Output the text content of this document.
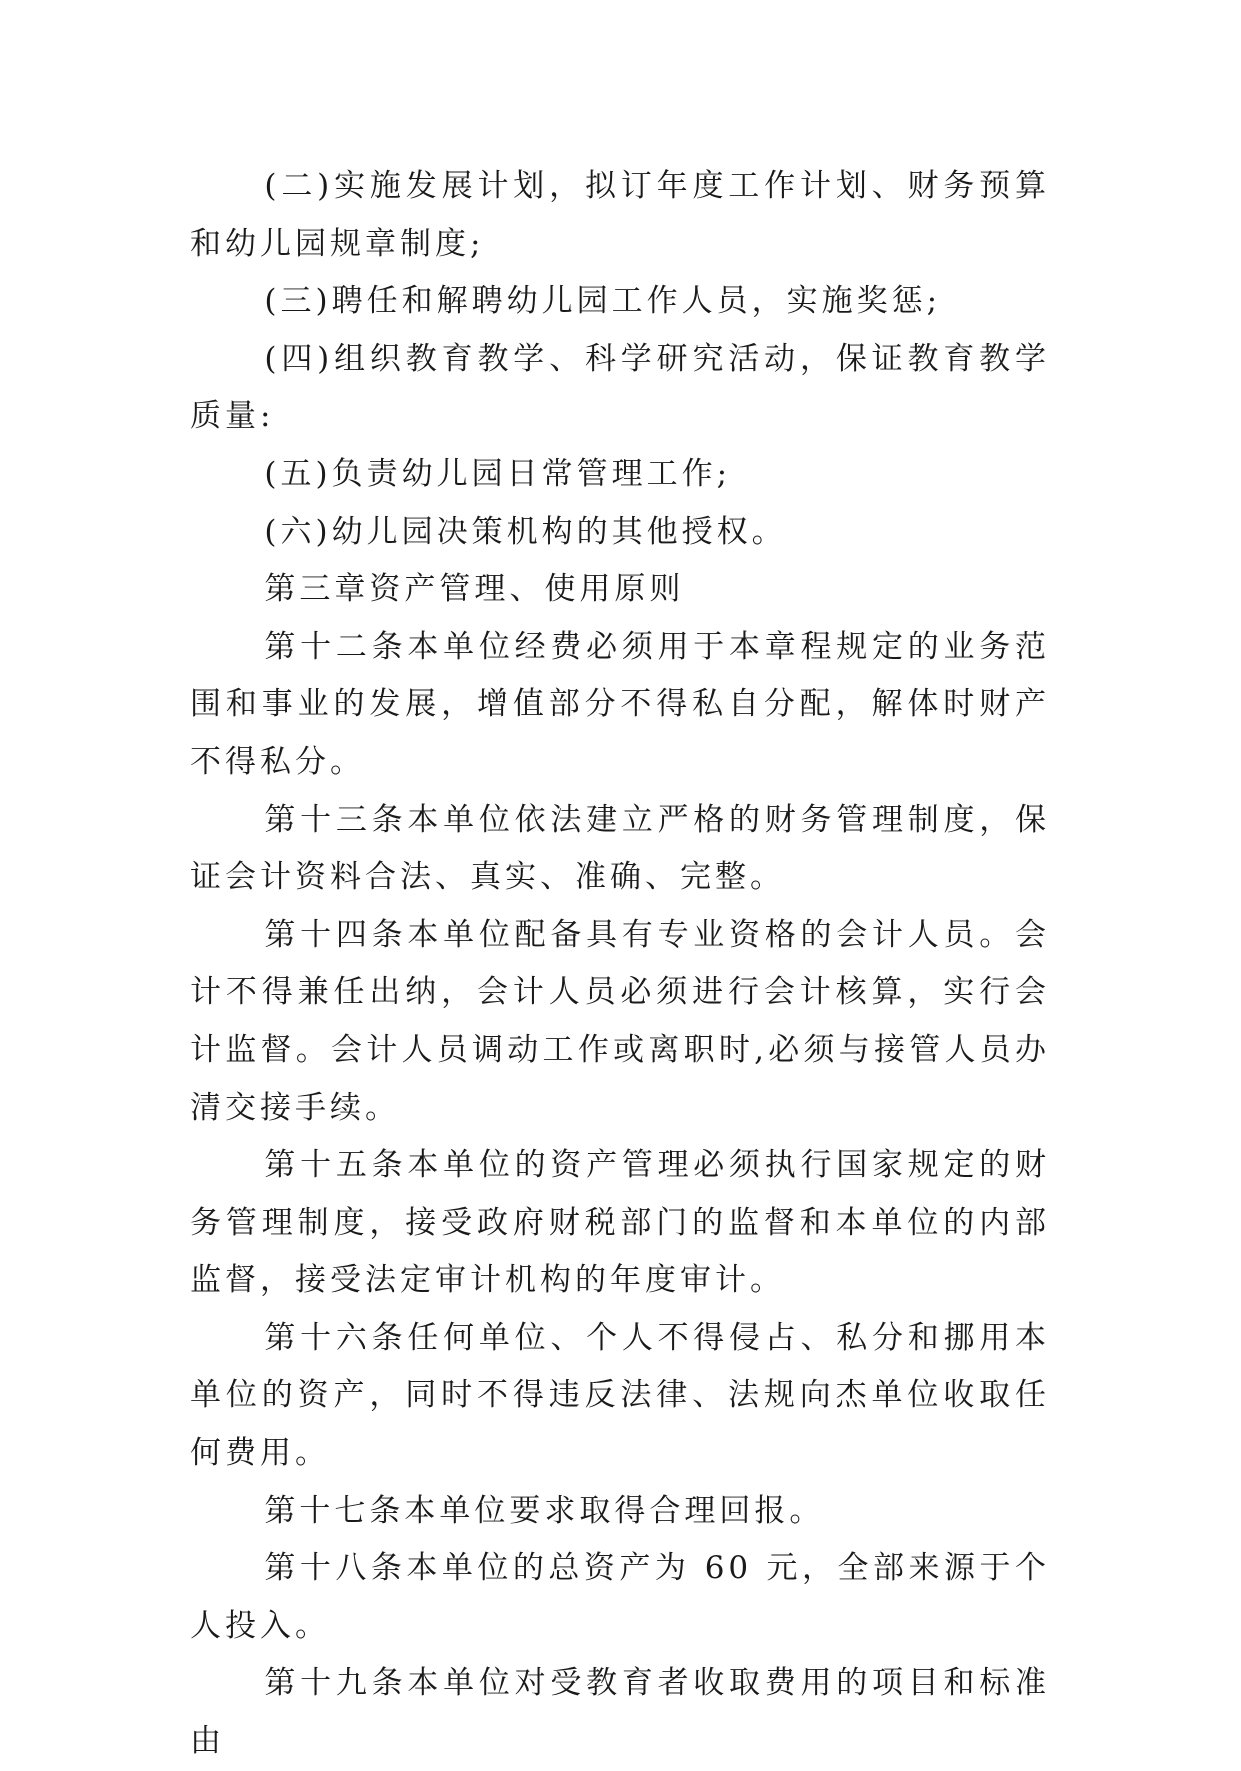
(二)实施发展计划，拟订年度工作计划、财务预算和幼儿园规章制度;

(三)聘任和解聘幼儿园工作人员，实施奖惩;

(四)组织教育教学、科学研究活动，保证教育教学质量:

(五)负责幼儿园日常管理工作;

(六)幼儿园决策机构的其他授权。

第三章资产管理、使用原则

第十二条本单位经费必须用于本章程规定的业务范围和事业的发展，增值部分不得私自分配，解体时财产不得私分。

第十三条本单位依法建立严格的财务管理制度，保证会计资料合法、真实、准确、完整。

第十四条本单位配备具有专业资格的会计人员。会计不得兼任出纳，会计人员必须进行会计核算，实行会计监督。会计人员调动工作或离职时,必须与接管人员办清交接手续。

第十五条本单位的资产管理必须执行国家规定的财务管理制度，接受政府财税部门的监督和本单位的内部监督，接受法定审计机构的年度审计。

第十六条任何单位、个人不得侵占、私分和挪用本单位的资产，同时不得违反法律、法规向杰单位收取任何费用。

第十七条本单位要求取得合理回报。

第十八条本单位的总资产为 60 元，全部来源于个人投入。

第十九条本单位对受教育者收取费用的项目和标准由
